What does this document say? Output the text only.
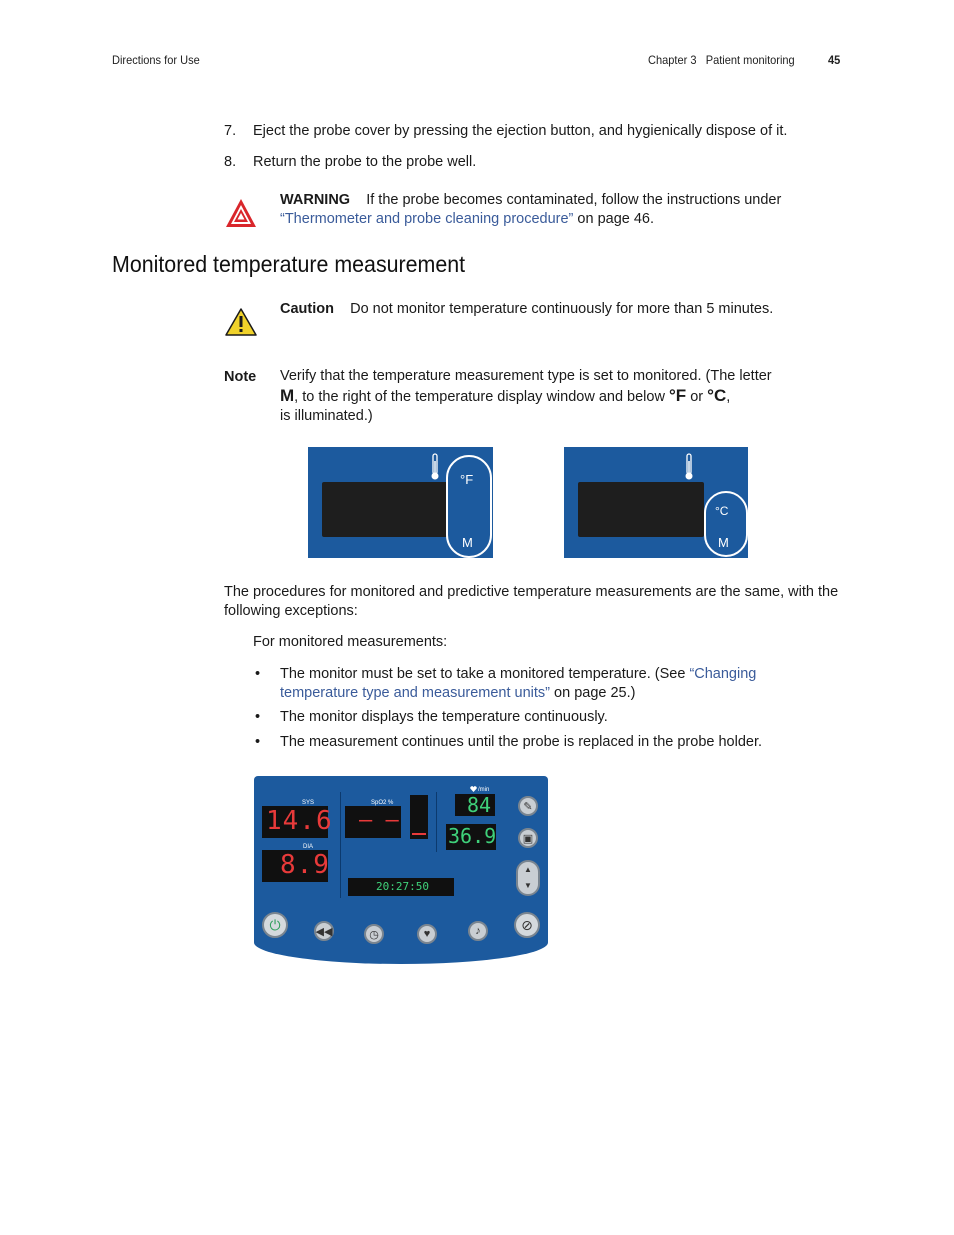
Directions for Use	Chapter 3 Patient monitoring	45
7. Eject the probe cover by pressing the ejection button, and hygienically dispose of it.
8. Return the probe to the probe well.
WARNING If the probe becomes contaminated, follow the instructions under “Thermometer and probe cleaning procedure” on page 46.
Monitored temperature measurement
Caution Do not monitor temperature continuously for more than 5 minutes.
Note Verify that the temperature measurement type is set to monitored. (The letter
M, to the right of the temperature display window and below °F or °C,
is illuminated.)
°F
M
°C
M
The procedures for monitored and predictive temperature measurements are the same, with the following exceptions:
For monitored measurements:
• The monitor must be set to take a monitored temperature. (See “Changing temperature type and measurement units” on page 25.)
• The monitor displays the temperature continuously.
• The measurement continues until the probe is replaced in the probe holder.
SYS
14.6
DIA
8.9
SpO2 %
– –
/min
84
36.9
20:27:50
✎
▣
▲
▼
⏻	◀◀	◷	♥	♪	⊘
